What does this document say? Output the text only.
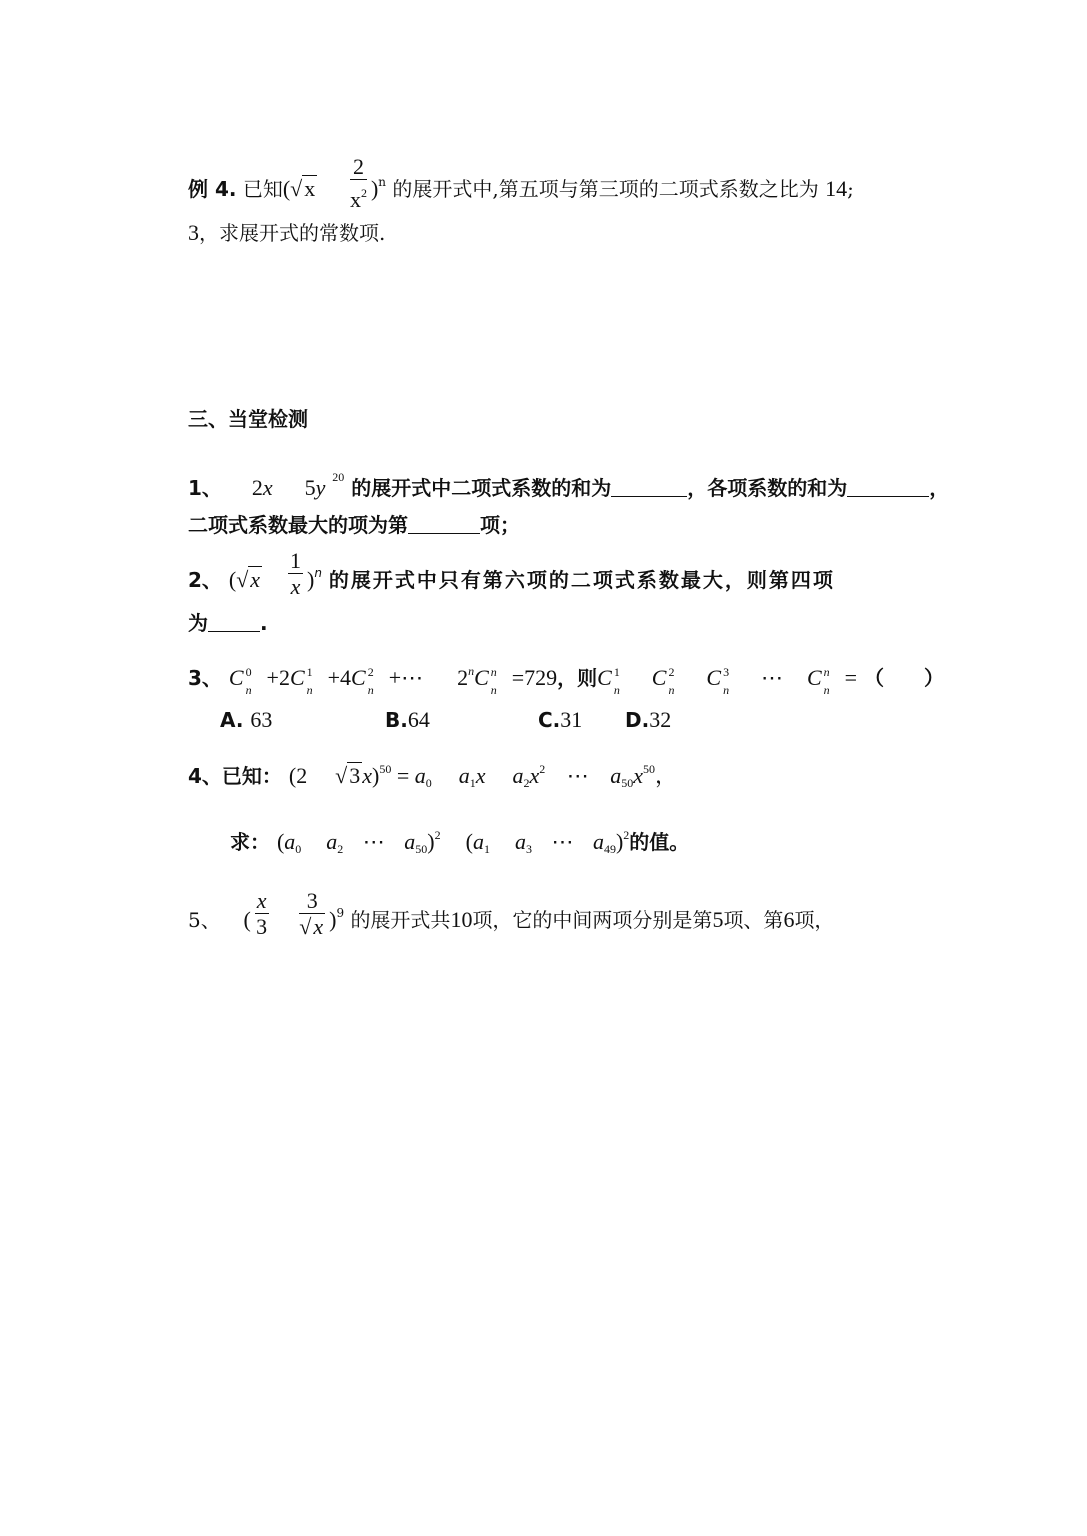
例 4. 已知$(√x \frac{2}{x^2} )^n$ 的展开式中,第五项与第三项的二项式系数之比为 14;
3，求展开式的常数项.
三、当堂检测
1、 2x 5y $^{20}$ 的展开式中二项式系数的和为	，各项系数的和为	，
二项式系数最大的项为第	项；
2、 $(√x \frac{1}{x} )^n$ 的展开式中只有第六项的二项式系数最大，则第四项
为	.
3、 C 0
n +2C 1
n +4C 2
n +⋯ 2$^n$C n
n =729，则C 1
n C 2
n C 3
n ⋯ C n
n = （　　）
A. 63	B.64	C.31 D.32
4、已知： (2 $√3x)^{50} = a_0$ $a_1x$ $a_2x^2$ ⋯ $a_{50}x^{50}$，
求： ($a_0$ $a_2$ ⋯ $a_{50})^2$  ($a_1$ $a_3$ ⋯ $a_{49})^2$的值。
5、 ( $\frac{x}{3}$
$\frac{3}{√x} )^9$ 的展开式共10项，它的中间两项分别是第5项、第6项，
